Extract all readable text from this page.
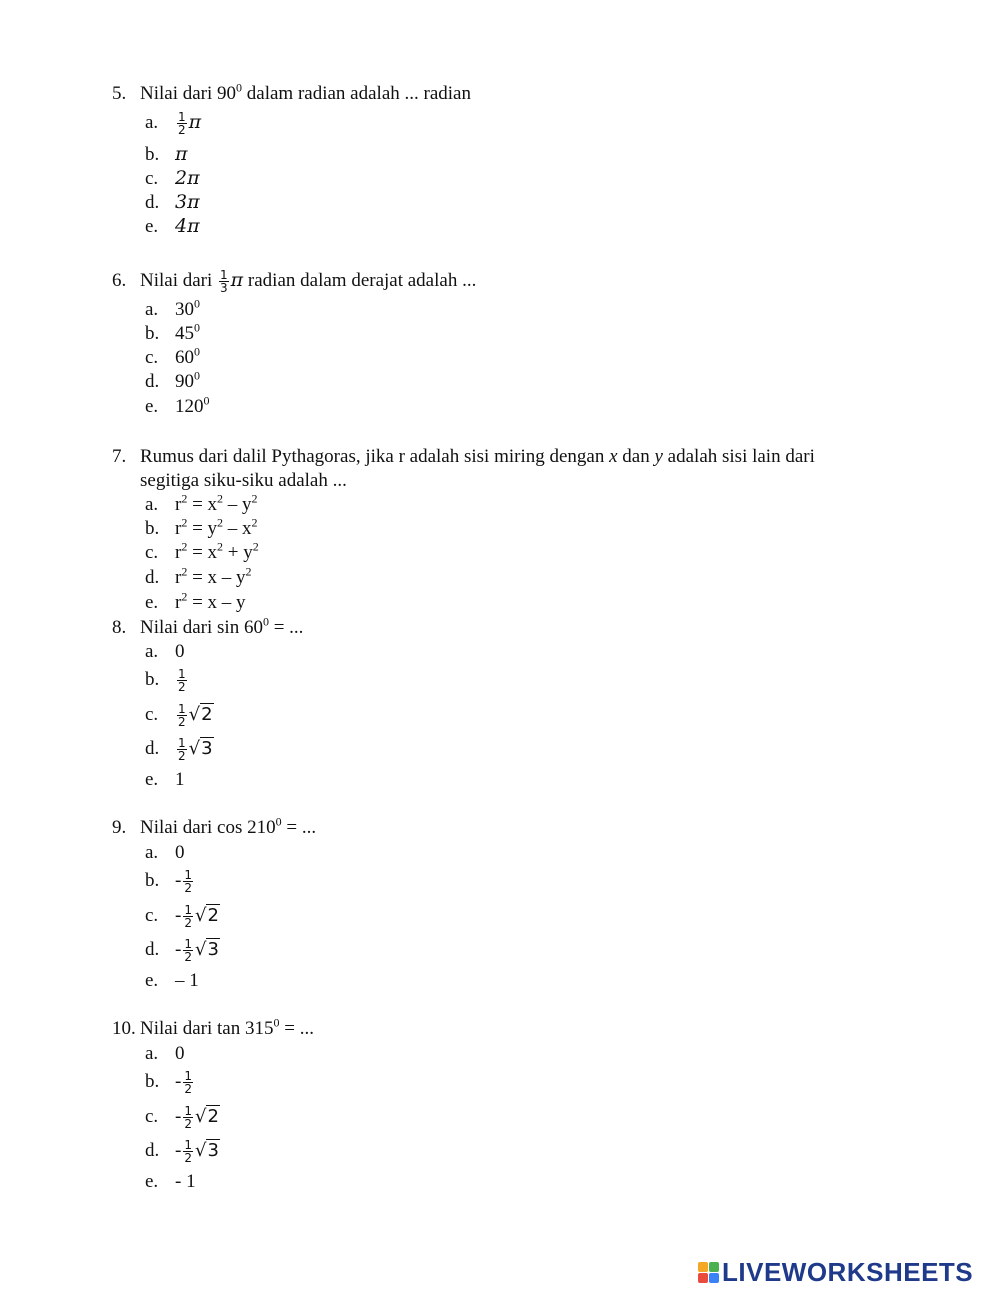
5. Nilai dari $90^0$ dalam radian adalah ... radian
a. $\frac{1}{2}$ π
b. π
c. 2π
d. 3π
e. 4π
6. Nilai dari $\frac{1}{3}$ π radian dalam derajat adalah ...
a. $30^0$
b. $45^0$
c. $60^0$
d. $90^0$
e. $120^0$
7. Rumus dari dalil Pythagoras, jika r adalah sisi miring dengan x dan y adalah sisi lain dari
segitiga siku-siku adalah ...
a. $r^2 = x^2 - y^2$
b. $r^2 = y^2 - x^2$
c. $r^2 = x^2 + y^2$
d. $r^2 = x - y^2$
e. $r^2 = x - y$
8. Nilai dari $\sin 60^0$ = ...
a. 0
b. $\frac{1}{2}$
c. $\frac{1}{2} √2$
d. $\frac{1}{2} √3$
e. 1
9. Nilai dari $\cos 210^0$ = ...
a. 0
b. - $\frac{1}{2}$
c. - $\frac{1}{2} √2$
d. - $\frac{1}{2} √3$
e. – 1
10. Nilai dari $\tan 315^0$ = ...
a. 0
b. - $\frac{1}{2}$
c. - $\frac{1}{2} √2$
d. - $\frac{1}{2} √3$
e. - 1
LIVEWORKSHEETS
